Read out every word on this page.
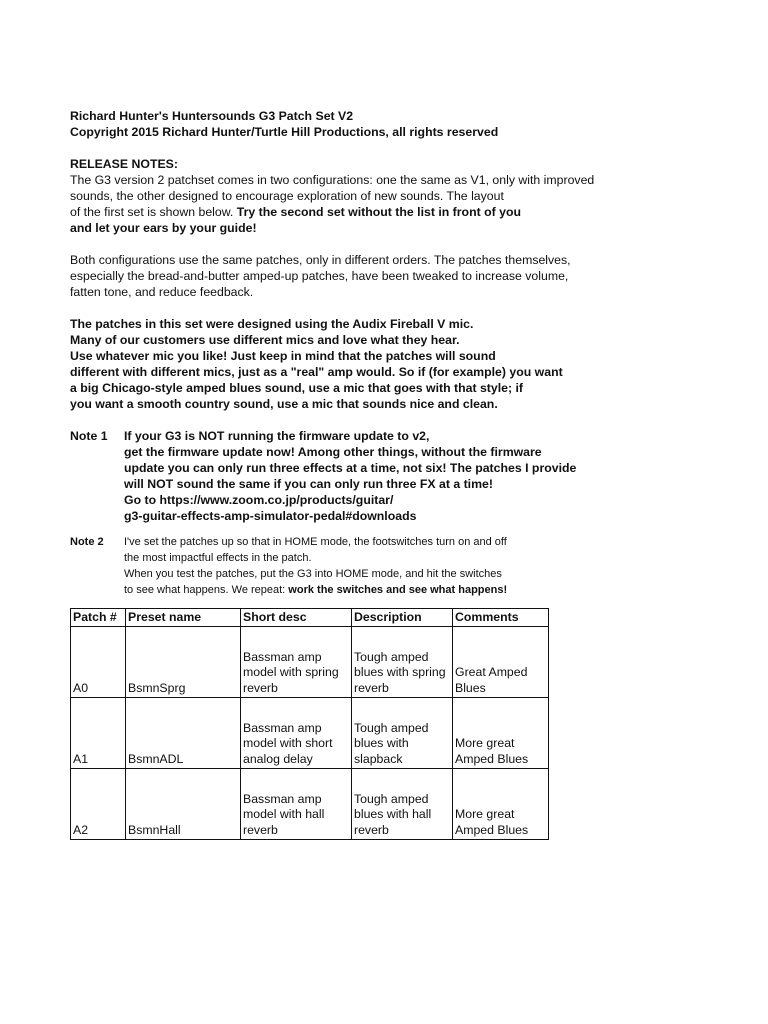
Richard Hunter's Huntersounds G3 Patch Set V2
Copyright 2015 Richard Hunter/Turtle Hill Productions, all rights reserved
RELEASE NOTES:
The G3 version 2 patchset comes in two configurations: one the same as V1, only with improved
sounds, the other designed to encourage exploration of new sounds. The layout
of the first set is shown below. Try the second set without the list in front of you
and let your ears by your guide!
Both configurations use the same patches, only in different orders. The patches themselves,
especially the bread-and-butter amped-up patches, have been tweaked to increase volume,
fatten tone, and reduce feedback.
The patches in this set were designed using the Audix Fireball V mic.
Many of our customers use different mics and love what they hear.
Use whatever mic you like! Just keep in mind that the patches will sound
different with different mics, just as a "real" amp would. So if (for example) you want
a big Chicago-style amped blues sound, use a mic that goes with that style; if
you want a smooth country sound, use a mic that sounds nice and clean.
Note 1	If your G3 is NOT running the firmware update to v2,
get the firmware update now! Among other things, without the firmware
update you can only run three effects at a time, not six! The patches I provide
will NOT sound the same if you can only run three FX at a time!
Go to https://www.zoom.co.jp/products/guitar/
g3-guitar-effects-amp-simulator-pedal#downloads
Note 2	I've set the patches up so that in HOME mode, the footswitches turn on and off
the most impactful effects in the patch.
When you test the patches, put the G3 into HOME mode, and hit the switches
to see what happens. We repeat: work the switches and see what happens!
Patch #	Preset name	Short desc	Description	Comments
A0	BsmnSprg	Bassman amp
model with spring
reverb	Tough amped
blues with spring
reverb	Great Amped
Blues
A1	BsmnADL	Bassman amp
model with short
analog delay	Tough amped
blues with
slapback	More great
Amped Blues
A2	BsmnHall	Bassman amp
model with hall
reverb	Tough amped
blues with hall
reverb	More great
Amped Blues
